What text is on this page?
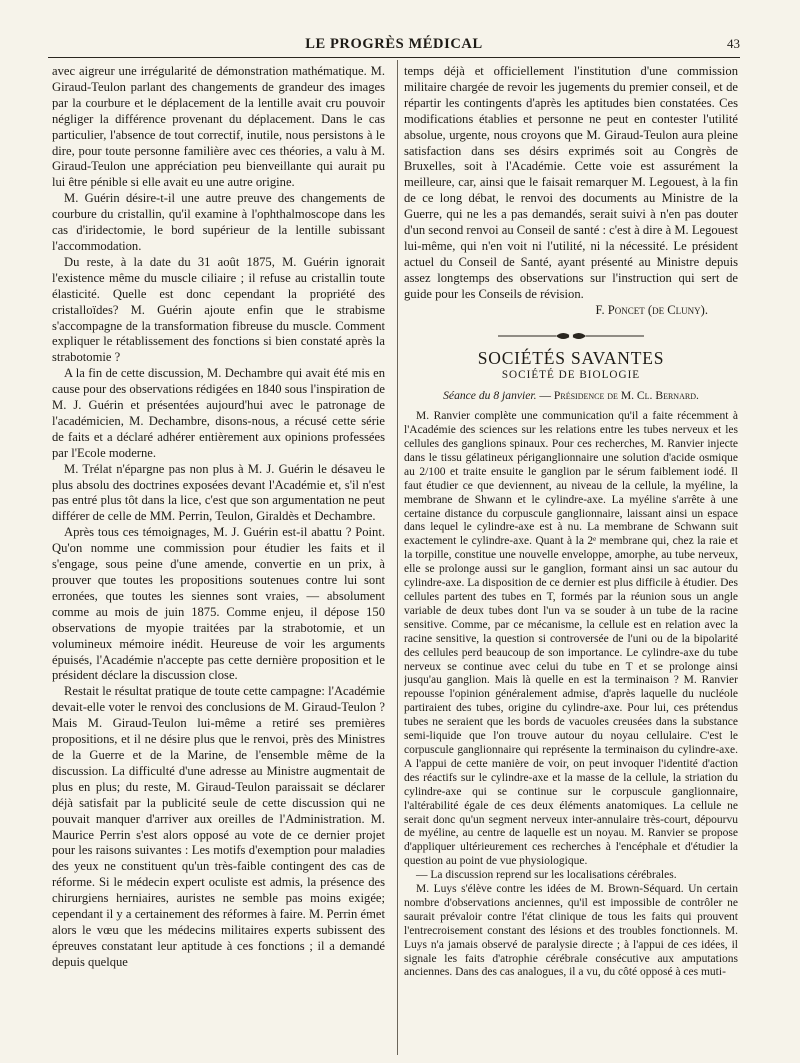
LE PROGRÈS MÉDICAL	43

avec aigreur une irrégularité de démonstration mathématique. M. Giraud-Teulon parlant des changements de grandeur des images par la courbure et le déplacement de la lentille avait cru pouvoir négliger la différence provenant du déplacement. Dans le cas particulier, l'absence de tout correctif, inutile, nous persistons à le dire, pour toute personne familière avec ces théories, a valu à M. Giraud-Teulon une appréciation peu bienveillante qui aurait pu lui être pénible si elle avait eu une autre origine.

M. Guérin désire-t-il une autre preuve des changements de courbure du cristallin, qu'il examine à l'ophthalmoscope dans les cas d'iridectomie, le bord supérieur de la lentille subissant l'accommodation.

Du reste, à la date du 31 août 1875, M. Guérin ignorait l'existence même du muscle ciliaire ; il refuse au cristallin toute élasticité. Quelle est donc cependant la propriété des cristalloïdes? M. Guérin ajoute enfin que le strabisme s'accompagne de la transformation fibreuse du muscle. Comment expliquer le rétablissement des fonctions si bien constaté après la strabotomie ?

A la fin de cette discussion, M. Dechambre qui avait été mis en cause pour des observations rédigées en 1840 sous l'inspiration de M. J. Guérin et présentées aujourd'hui avec le patronage de l'académicien, M. Dechambre, disons-nous, a récusé cette série de faits et a déclaré adhérer entièrement aux opinions professées par l'Ecole moderne.

M. Trélat n'épargne pas non plus à M. J. Guérin le désaveu le plus absolu des doctrines exposées devant l'Académie et, s'il n'est pas entré plus tôt dans la lice, c'est que son argumentation ne peut différer de celle de MM. Perrin, Teulon, Giraldès et Dechambre.

Après tous ces témoignages, M. J. Guérin est-il abattu ? Point. Qu'on nomme une commission pour étudier les faits et il s'engage, sous peine d'une amende, convertie en un prix, à prouver que toutes les propositions soutenues contre lui sont erronées, que toutes les siennes sont vraies, — absolument comme au mois de juin 1875. Comme enjeu, il dépose 150 observations de myopie traitées par la strabotomie, et un volumineux mémoire inédit. Heureuse de voir les arguments épuisés, l'Académie n'accepte pas cette dernière proposition et le président déclare la discussion close.

Restait le résultat pratique de toute cette campagne: l'Académie devait-elle voter le renvoi des conclusions de M. Giraud-Teulon ? Mais M. Giraud-Teulon lui-même a retiré ses premières propositions, et il ne désire plus que le renvoi, près des Ministres de la Guerre et de la Marine, de l'ensemble même de la discussion. La difficulté d'une adresse au Ministre augmentait de plus en plus; du reste, M. Giraud-Teulon paraissait se déclarer déjà satisfait par la publicité seule de cette discussion qui ne pouvait manquer d'arriver aux oreilles de l'Administration. M. Maurice Perrin s'est alors opposé au vote de ce dernier projet pour les raisons suivantes : Les motifs d'exemption pour maladies des yeux ne constituent qu'un très-faible contingent des cas de réforme. Si le médecin expert oculiste est admis, la présence des chirurgiens herniaires, auristes ne semble pas moins exigée; cependant il y a certainement des réformes à faire. M. Perrin émet alors le vœu que les médecins militaires experts subissent des épreuves constatant leur aptitude à ces fonctions ; il a demandé depuis quelque

temps déjà et officiellement l'institution d'une commission militaire chargée de revoir les jugements du premier conseil, et de répartir les contingents d'après les aptitudes bien constatées. Ces modifications établies et personne ne peut en contester l'utilité absolue, urgente, nous croyons que M. Giraud-Teulon aura pleine satisfaction dans ses désirs exprimés soit au Congrès de Bruxelles, soit à l'Académie. Cette voie est assurément la meilleure, car, ainsi que le faisait remarquer M. Legouest, à la fin de ce long débat, le renvoi des documents au Ministre de la Guerre, qui ne les a pas demandés, serait suivi à n'en pas douter d'un second renvoi au Conseil de santé : c'est à dire à M. Legouest lui-même, qui n'en voit ni l'utilité, ni la nécessité. Le président actuel du Conseil de Santé, ayant présenté au Ministre depuis assez longtemps des observations sur l'instruction qui sert de guide pour les Conseils de révision.

F. Poncet (de Cluny).

SOCIÉTÉS SAVANTES
SOCIÉTÉ DE BIOLOGIE
Séance du 8 janvier. — Présidence de M. Cl. Bernard.

M. Ranvier complète une communication qu'il a faite récemment à l'Académie des sciences sur les relations entre les tubes nerveux et les cellules des ganglions spinaux. Pour ces recherches, M. Ranvier injecte dans le tissu gélatineux périganglionnaire une solution d'acide osmique au 2/100 et traite ensuite le ganglion par le sérum faiblement iodé. Il faut étudier ce que deviennent, au niveau de la cellule, la myéline, la membrane de Shwann et le cylindre-axe. La myéline s'arrête à une certaine distance du corpuscule ganglionnaire, laissant ainsi un espace dans lequel le cylindre-axe est à nu. La membrane de Schwann suit exactement le cylindre-axe. Quant à la 2ᵉ membrane qui, chez la raie et la torpille, constitue une nouvelle enveloppe, amorphe, au tube nerveux, elle se prolonge aussi sur le ganglion, formant ainsi un sac autour du cylindre-axe. La disposition de ce dernier est plus difficile à étudier. Des cellules partent des tubes en T, formés par la réunion sous un angle variable de deux tubes dont l'un va se souder à un tube de la racine sensitive. Comme, par ce mécanisme, la cellule est en relation avec la racine sensitive, la question si controversée de l'uni ou de la bipolarité des cellules perd beaucoup de son importance. Le cylindre-axe du tube nerveux se continue avec celui du tube en T et se prolonge ainsi jusqu'au ganglion. Mais là quelle en est la terminaison ? M. Ranvier repousse l'opinion généralement admise, d'après laquelle du nucléole partiraient des tubes, origine du cylindre-axe. Pour lui, ces prétendus tubes ne seraient que les bords de vacuoles creusées dans la substance semi-liquide que l'on trouve autour du noyau cellulaire. C'est le corpuscule ganglionnaire qui représente la terminaison du cylindre-axe. A l'appui de cette manière de voir, on peut invoquer l'identité d'action des réactifs sur le cylindre-axe et la masse de la cellule, la striation du cylindre-axe qui se continue sur le corpuscule ganglionnaire, l'altérabilité égale de ces deux éléments anatomiques. La cellule ne serait donc qu'un segment nerveux inter-annulaire très-court, dépourvu de myéline, au centre de laquelle est un noyau. M. Ranvier se propose d'appliquer ultérieurement ces recherches à l'encéphale et d'étudier la question au point de vue physiologique.

— La discussion reprend sur les localisations cérébrales.

M. Luys s'élève contre les idées de M. Brown-Séquard. Un certain nombre d'observations anciennes, qu'il est impossible de contrôler ne saurait prévaloir contre l'état clinique de tous les faits qui prouvent l'entrecroisement constant des lésions et des troubles fonctionnels. M. Luys n'a jamais observé de paralysie directe ; à l'appui de ces idées, il signale les faits d'atrophie cérébrale consécutive aux amputations anciennes. Dans des cas analogues, il a vu, du côté opposé à ces muti-
